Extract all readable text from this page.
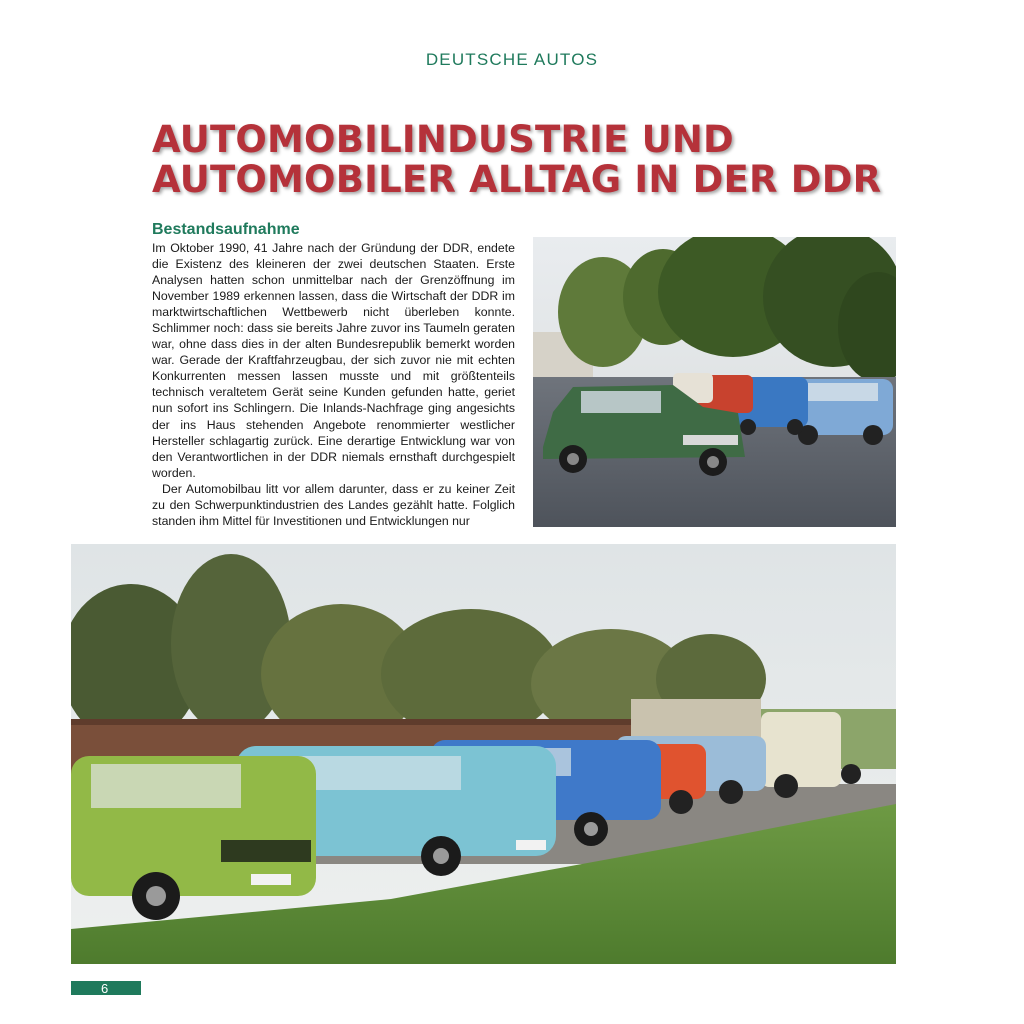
DEUTSCHE AUTOS
AUTOMOBILINDUSTRIE UND
AUTOMOBILER ALLTAG IN DER DDR
Bestandsaufnahme

Im Oktober 1990, 41 Jahre nach der Gründung der DDR, endete die Existenz des kleineren der zwei deutschen Staaten. Erste Analysen hatten schon unmittelbar nach der Grenzöffnung im November 1989 erkennen lassen, dass die Wirtschaft der DDR im marktwirtschaftlichen Wettbewerb nicht überleben konnte. Schlimmer noch: dass sie bereits Jahre zuvor ins Taumeln geraten war, ohne dass dies in der alten Bundesrepublik bemerkt worden war. Gerade der Kraftfahrzeugbau, der sich zuvor nie mit echten Konkurrenten messen lassen musste und mit größtenteils technisch veraltetem Gerät seine Kunden gefunden hatte, geriet nun sofort ins Schlingern. Die Inlands-Nachfrage ging angesichts der ins Haus stehenden Angebote renommierter westlicher Hersteller schlagartig zurück. Eine derartige Entwicklung war von den Verantwortlichen in der DDR niemals ernsthaft durchgespielt worden.

Der Automobilbau litt vor allem darunter, dass er zu keiner Zeit zu den Schwerpunktindustrien des Landes gezählt hatte. Folglich standen ihm Mittel für Investitionen und Entwicklungen nur

6
